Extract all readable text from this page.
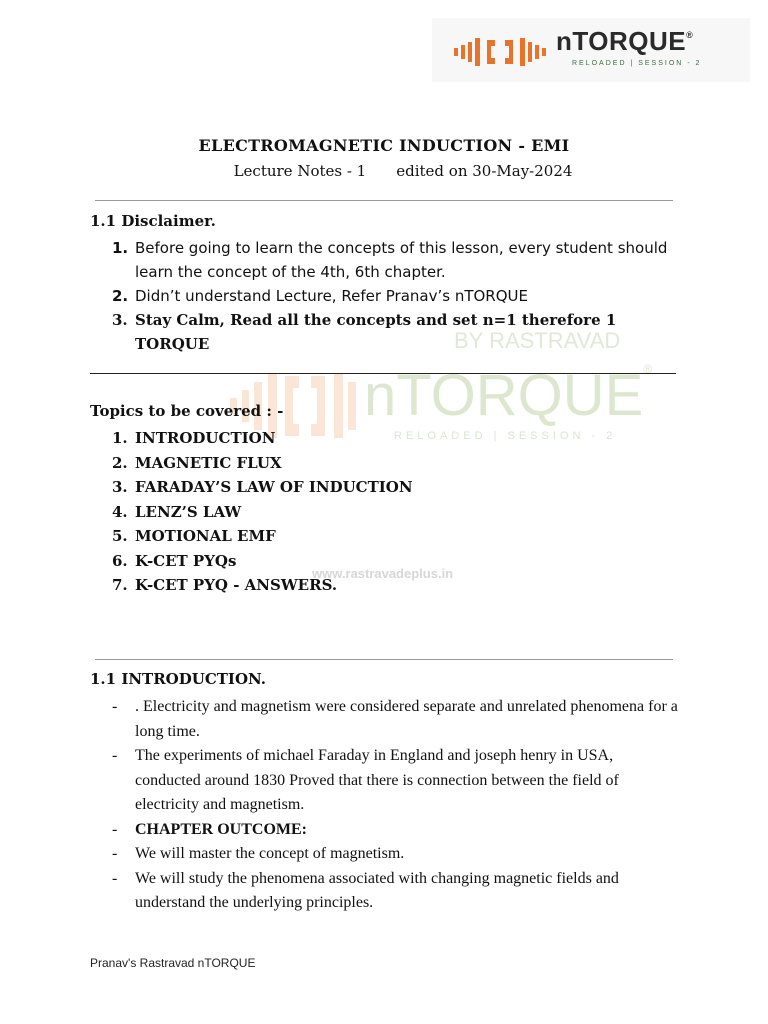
nTORQUE®
RELOADED | SESSION - 2
BY RASTRAVAD
nTORQUE®
RELOADED | SESSION - 2
www.rastravadeplus.in
ELECTROMAGNETIC INDUCTION - EMI
Lecture Notes - 1 edited on 30-May-2024
1.1 Disclaimer.
1. Before going to learn the concepts of this lesson, every student should learn the concept of the 4th, 6th chapter.
2. Didn’t understand Lecture, Refer Pranav’s nTORQUE
3. Stay Calm, Read all the concepts and set n=1 therefore 1 TORQUE
Topics to be covered : -
1. INTRODUCTION
2. MAGNETIC FLUX
3. FARADAY’S LAW OF INDUCTION
4. LENZ’S LAW
5. MOTIONAL EMF
6. K-CET PYQs
7. K-CET PYQ - ANSWERS.
1.1 INTRODUCTION.
- . Electricity and magnetism were considered separate and unrelated phenomena for a long time.
- The experiments of michael Faraday in England and joseph henry in USA, conducted around 1830 Proved that there is connection between the field of electricity and magnetism.
- CHAPTER OUTCOME:
- We will master the concept of magnetism.
- We will study the phenomena associated with changing magnetic fields and understand the underlying principles.
Pranav's Rastravad nTORQUE
